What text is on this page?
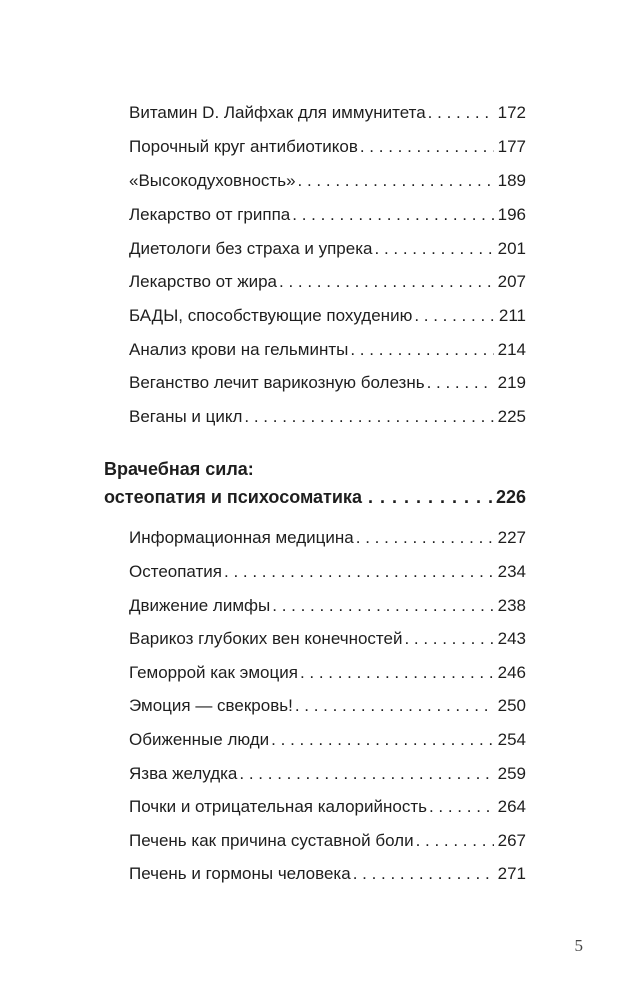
Витамин D. Лайфхак для иммунитета . . .	172
Порочный круг антибиотиков . . .	177
«Высокодуховность» . . .	189
Лекарство от гриппа . . .	196
Диетологи без страха и упрека . . .	201
Лекарство от жира . . .	207
БАДЫ, способствующие похудению . . .	211
Анализ крови на гельминты . . .	214
Веганство лечит варикозную болезнь . . .	219
Веганы и цикл . . .	225
Врачебная сила:
остеопатия и психосоматика . . .	226
Информационная медицина . . .	227
Остеопатия . . .	234
Движение лимфы . . .	238
Варикоз глубоких вен конечностей . . .	243
Геморрой как эмоция . . .	246
Эмоция — свекровь! . . .	250
Обиженные люди . . .	254
Язва желудка . . .	259
Почки и отрицательная калорийность . . .	264
Печень как причина суставной боли . . .	267
Печень и гормоны человека . . .	271
5
